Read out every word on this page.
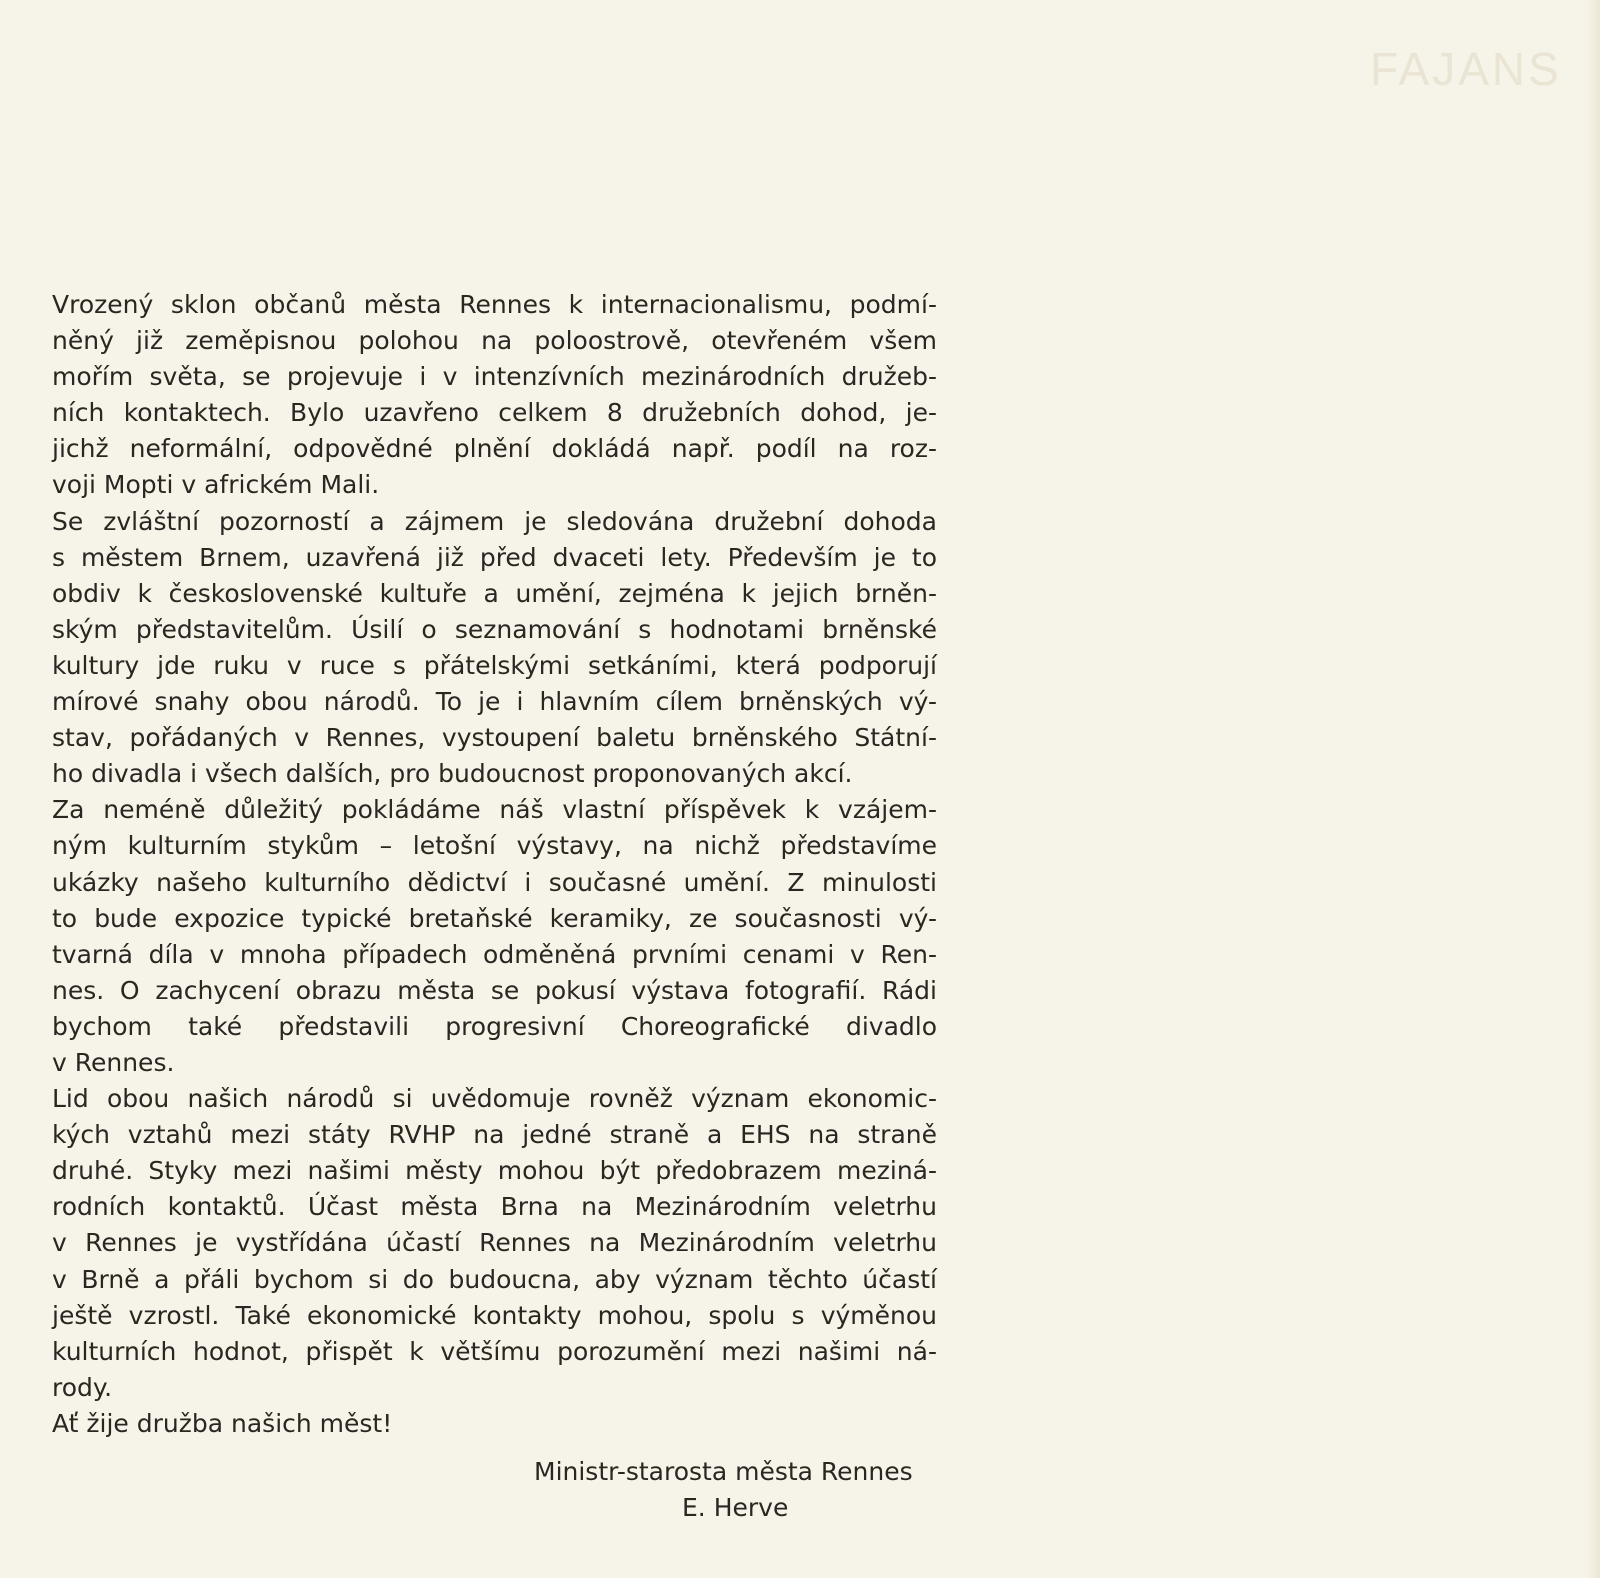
FAJANS
Vrozený sklon občanů města Rennes k internacionalismu, podmí-
něný již zeměpisnou polohou na poloostrově, otevřeném všem
mořím světa, se projevuje i v intenzívních mezinárodních družeb-
ních kontaktech. Bylo uzavřeno celkem 8 družebních dohod, je-
jichž neformální, odpovědné plnění dokládá např. podíl na roz-
voji Mopti v africkém Mali.
Se zvláštní pozorností a zájmem je sledována družební dohoda
s městem Brnem, uzavřená již před dvaceti lety. Především je to
obdiv k československé kultuře a umění, zejména k jejich brněn-
ským představitelům. Úsilí o seznamování s hodnotami brněnské
kultury jde ruku v ruce s přátelskými setkáními, která podporují
mírové snahy obou národů. To je i hlavním cílem brněnských vý-
stav, pořádaných v Rennes, vystoupení baletu brněnského Státní-
ho divadla i všech dalších, pro budoucnost proponovaných akcí.
Za neméně důležitý pokládáme náš vlastní příspěvek k vzájem-
ným kulturním stykům – letošní výstavy, na nichž představíme
ukázky našeho kulturního dědictví i současné umění. Z minulosti
to bude expozice typické bretaňské keramiky, ze současnosti vý-
tvarná díla v mnoha případech odměněná prvními cenami v Ren-
nes. O zachycení obrazu města se pokusí výstava fotografií. Rádi
bychom také představili progresivní Choreografické divadlo
v Rennes.
Lid obou našich národů si uvědomuje rovněž význam ekonomic-
kých vztahů mezi státy RVHP na jedné straně a EHS na straně
druhé. Styky mezi našimi městy mohou být předobrazem meziná-
rodních kontaktů. Účast města Brna na Mezinárodním veletrhu
v Rennes je vystřídána účastí Rennes na Mezinárodním veletrhu
v Brně a přáli bychom si do budoucna, aby význam těchto účastí
ještě vzrostl. Také ekonomické kontakty mohou, spolu s výměnou
kulturních hodnot, přispět k většímu porozumění mezi našimi ná-
rody.
Ať žije družba našich měst!
Ministr-starosta města Rennes
E. Herve
